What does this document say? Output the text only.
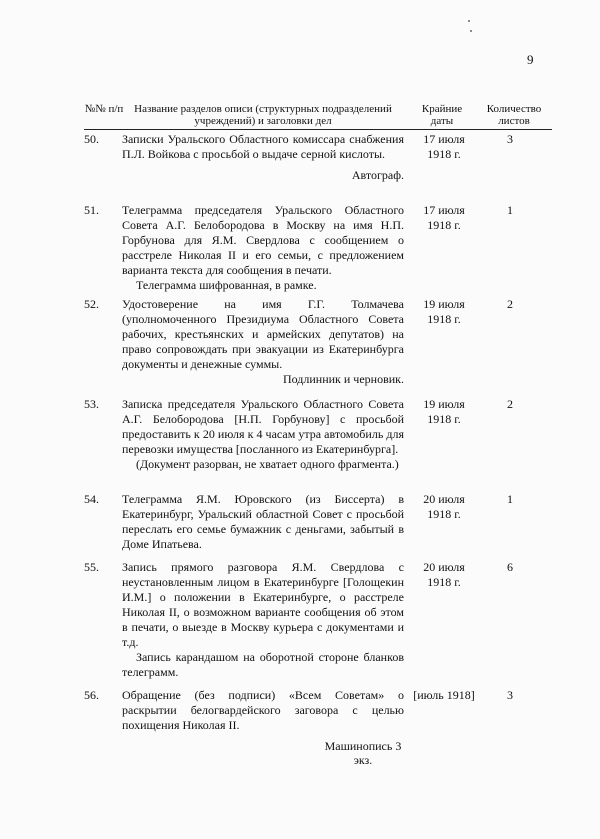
9
№№ п/п Название разделов описи (структурных подразделений учреждений) и заголовки дел
Крайние даты
Количество листов
50. Записки Уральского Областного комиссара снабжения П.Л. Войкова с просьбой о выдаче серной кислоты.

Автограф.

17 июля 1918 г.
3
51. Телеграмма председателя Уральского Областного Совета А.Г. Белобородова в Москву на имя Н.П. Горбунова для Я.М. Свердлова с сообщением о расстреле Николая II и его семьи, с предложением варианта текста для сообщения в печати.

Телеграмма шифрованная, в рамке.

17 июля 1918 г.
1
52. Удостоверение на имя Г.Г. Толмачева (уполномоченного Президиума Областного Совета рабочих, крестьянских и армейских депутатов) на право сопровождать при эвакуации из Екатеринбурга документы и денежные суммы.

Подлинник и черновик.

19 июля 1918 г.
2
53. Записка председателя Уральского Областного Совета А.Г. Белобородова [Н.П. Горбунову] с просьбой предоставить к 20 июля к 4 часам утра автомобиль для перевозки имущества [посланного из Екатеринбурга].

(Документ разорван, не хватает одного фрагмента.)

19 июля 1918 г.
2
54. Телеграмма Я.М. Юровского (из Биссерта) в Екатеринбург, Уральский областной Совет с просьбой переслать его семье бумажник с деньгами, забытый в Доме Ипатьева.

20 июля 1918 г.
1
55. Запись прямого разговора Я.М. Свердлова с неустановленным лицом в Екатеринбурге [Голощекин И.М.] о положении в Екатеринбурге, о расстреле Николая II, о возможном варианте сообщения об этом в печати, о выезде в Москву курьера с документами и т.д.

Запись карандашом на оборотной стороне бланков телеграмм.

20 июля 1918 г.
6
56. Обращение (без подписи) «Всем Советам» о раскрытии белогвардейского заговора с целью похищения Николая II.

Машинопись 3 экз.

[июль 1918]	3
